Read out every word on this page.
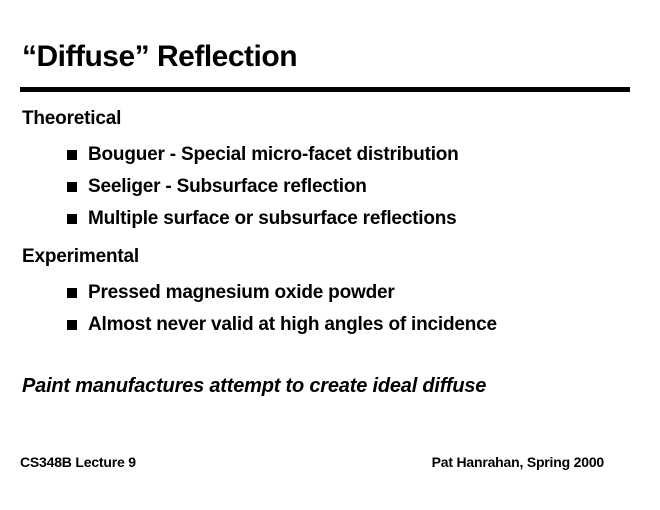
“Diffuse” Reflection
Theoretical
Bouguer - Special micro-facet distribution
Seeliger - Subsurface reflection
Multiple surface or subsurface reflections
Experimental
Pressed magnesium oxide powder
Almost never valid at high angles of incidence

Paint manufactures attempt to create ideal diffuse

CS348B Lecture 9	Pat Hanrahan, Spring 2000
